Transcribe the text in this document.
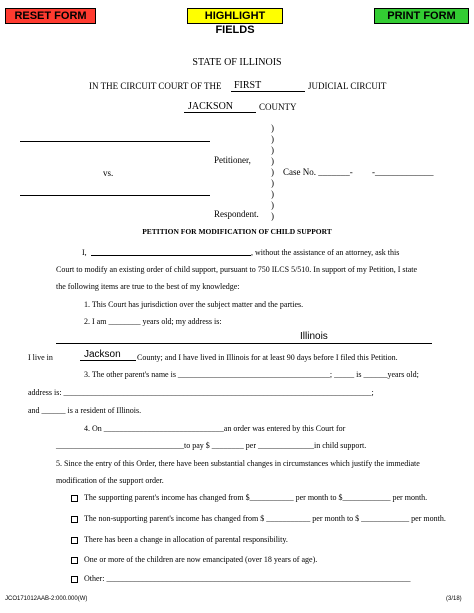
RESET FORM	HIGHLIGHT FIELDS
PRINT FORM
STATE OF ILLINOIS
IN THE CIRCUIT COURT OF THE FIRST	JUDICIAL CIRCUIT
JACKSON	COUNTY
Petitioner,
vs.
Respondent.
)
)
)
)
)
)
)
)
)
Case No. _______- -_____________
PETITION FOR MODIFICATION OF CHILD SUPPORT
I,	, without the assistance of an attorney, ask this
Court to modify an existing order of child support, pursuant to 750 ILCS 5/510. In support of my Petition, I state
the following items are true to the best of my knowledge:
1. This Court has jurisdiction over the subject matter and the parties.
2. I am ________ years old; my address is:
Illinois
I live in	Jackson County; and I have lived in Illinois for at least 90 days before I filed this Petition.
3. The other parent's name is ______________________________________; _____ is ______years old;
address is: _____________________________________________________________________________;
and ______ is a resident of Illinois.
4. On ______________________________an order was entered by this Court for
________________________________to pay $ ________ per ______________in child support.
5. Since the entry of this Order, there have been substantial changes in circumstances which justify the immediate
modification of the support order.
The supporting parent's income has changed from $___________ per month to $____________ per month.
The non-supporting parent's income has changed from $ ___________ per month to $ ____________ per month.
There has been a change in allocation of parental responsibility.
One or more of the children are now emancipated (over 18 years of age).
Other: ____________________________________________________________________________
JCO171012AAB-2:000.000(W)	(3/18)
